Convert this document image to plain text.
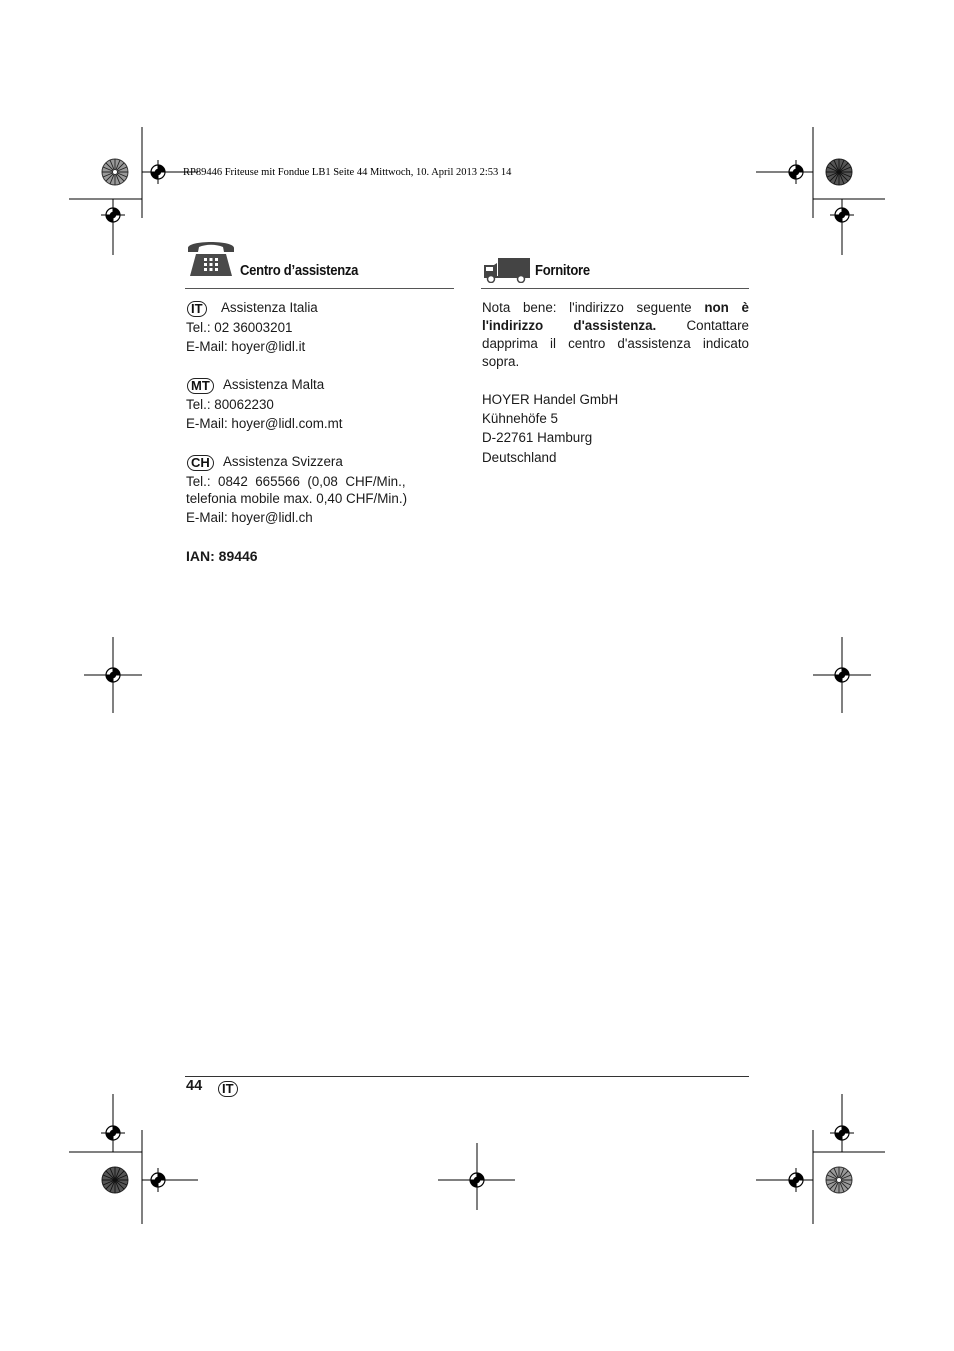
RP89446 Friteuse mit Fondue LB1 Seite 44 Mittwoch, 10. April 2013 2:53 14
Centro d’assistenza
IT Assistenza Italia
Tel.: 02 36003201
E-Mail: hoyer@lidl.it
MT Assistenza Malta
Tel.: 80062230
E-Mail: hoyer@lidl.com.mt
CH Assistenza Svizzera
Tel.:  0842  665566  (0,08  CHF/Min.,
telefonia mobile max. 0,40 CHF/Min.)
E-Mail: hoyer@lidl.ch
IAN: 89446
Fornitore
Nota bene: l'indirizzo seguente non è l'indirizzo d'assistenza. Contattare dapprima il centro d'assistenza indicato sopra.
HOYER Handel GmbH
Kühnehöfe 5
D-22761 Hamburg
Deutschland
44	IT
